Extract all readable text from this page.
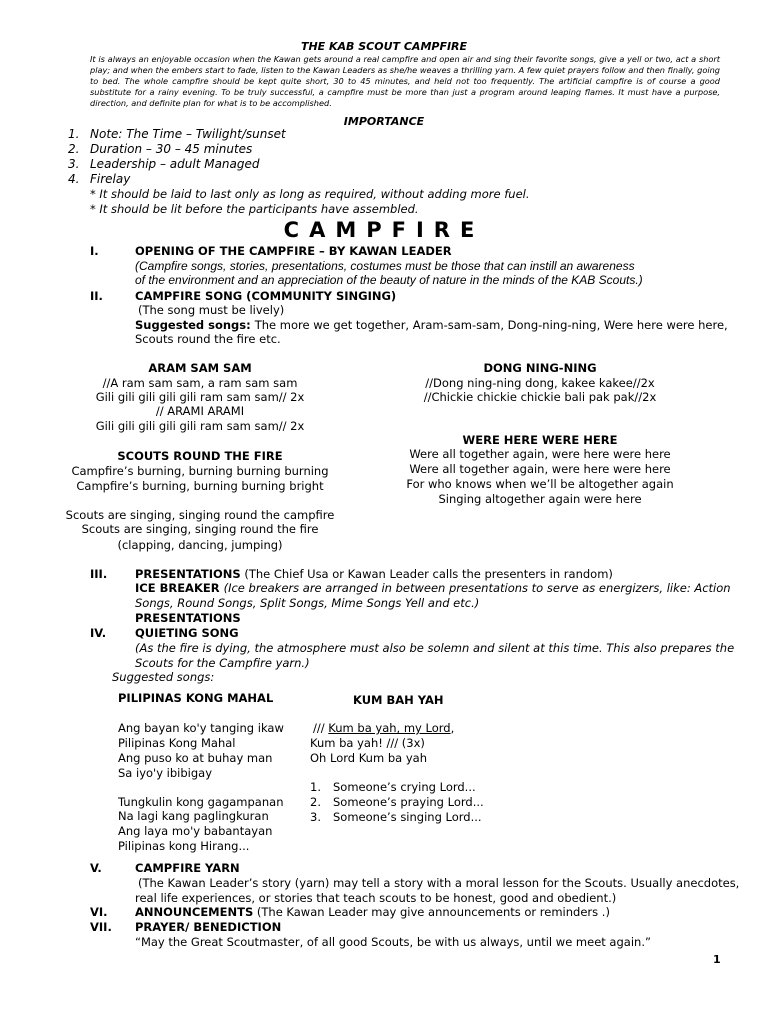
THE KAB SCOUT CAMPFIRE
It is always an enjoyable occasion when the Kawan gets around a real campfire and open air and sing their favorite songs, give a yell or two, act a short play; and when the embers start to fade, listen to the Kawan Leaders as she/he weaves a thrilling yarn. A few quiet prayers follow and then finally, going to bed. The whole campfire should be kept quite short, 30 to 45 minutes, and held not too frequently. The artificial campfire is of course a good substitute for a rainy evening. To be truly successful, a campfire must be more than just a program around leaping flames. It must have a purpose, direction, and definite plan for what is to be accomplished.
IMPORTANCE
1. Note: The Time – Twilight/sunset
2. Duration – 30 – 45 minutes
3. Leadership – adult Managed
4. Firelay
* It should be laid to last only as long as required, without adding more fuel.
* It should be lit before the participants have assembled.
CAMPFIRE
I.	OPENING OF THE CAMPFIRE – BY KAWAN LEADER
(Campfire songs, stories, presentations, costumes must be those that can instill an awareness
of the environment and an appreciation of the beauty of nature in the minds of the KAB Scouts.)
II.	CAMPFIRE SONG (COMMUNITY SINGING)
(The song must be lively)
Suggested songs: The more we get together, Aram-sam-sam, Dong-ning-ning, Were here were here,
Scouts round the fire etc.
ARAM SAM SAM
//A ram sam sam, a ram sam sam
Gili gili gili gili gili ram sam sam// 2x
// ARAMI ARAMI
Gili gili gili gili gili ram sam sam// 2x
DONG NING-NING
//Dong ning-ning dong, kakee kakee//2x
//Chickie chickie chickie bali pak pak//2x
SCOUTS ROUND THE FIRE
Campfire’s burning, burning burning burning
Campfire’s burning, burning burning bright
Scouts are singing, singing round the campfire
Scouts are singing, singing round the fire
(clapping, dancing, jumping)
WERE HERE WERE HERE
Were all together again, were here were here
Were all together again, were here were here
For who knows when we’ll be altogether again
Singing altogether again were here
III. PRESENTATIONS (The Chief Usa or Kawan Leader calls the presenters in random)
ICE BREAKER (Ice breakers are arranged in between presentations to serve as energizers, like: Action
Songs, Round Songs, Split Songs, Mime Songs Yell and etc.)
PRESENTATIONS
IV.	QUIETING SONG
(As the fire is dying, the atmosphere must also be solemn and silent at this time. This also prepares the
Scouts for the Campfire yarn.)
Suggested songs:
PILIPINAS KONG MAHAL
Ang bayan ko'y tanging ikaw
Pilipinas Kong Mahal
Ang puso ko at buhay man
Sa iyo'y ibibigay
Tungkulin kong gagampanan
Na lagi kang paglingkuran
Ang laya mo'y babantayan
Pilipinas kong Hirang...
KUM BAH YAH
/// Kum ba yah, my Lord,
Kum ba yah! /// (3x)
Oh Lord Kum ba yah
1. Someone’s crying Lord...
2. Someone’s praying Lord...
3. Someone’s singing Lord...
V.	CAMPFIRE YARN
(The Kawan Leader’s story (yarn) may tell a story with a moral lesson for the Scouts. Usually anecdotes,
real life experiences, or stories that teach scouts to be honest, good and obedient.)
VI. ANNOUNCEMENTS (The Kawan Leader may give announcements or reminders .)
VII. PRAYER/ BENEDICTION
“May the Great Scoutmaster, of all good Scouts, be with us always, until we meet again.”
1
